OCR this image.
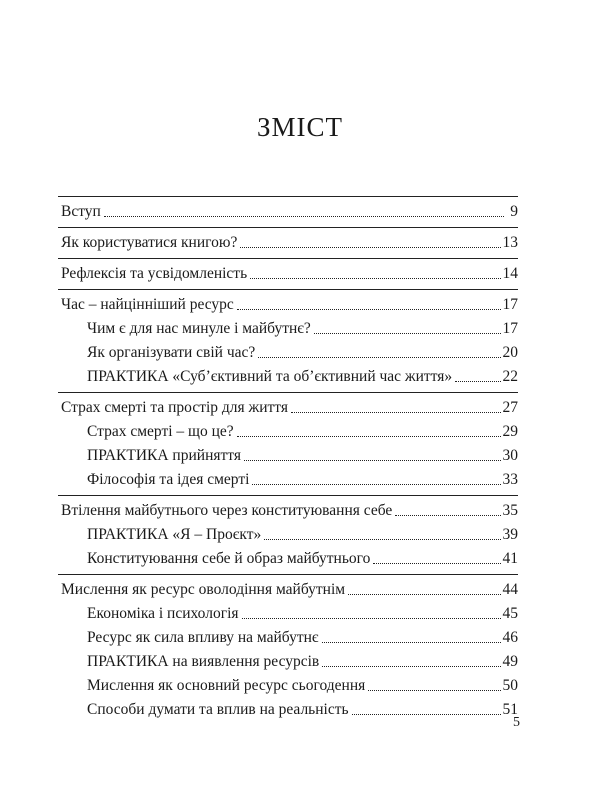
ЗМІСТ
Вступ	9
Як користуватися книгою?	13
Рефлексія та усвідомленість	14
Час – найцінніший ресурс	17
Чим є для нас минуле і майбутнє?	17
Як організувати свій час?	20
ПРАКТИКА «Суб’єктивний та об’єктивний час життя»	22
Страх смерті та простір для життя	27
Страх смерті – що це?	29
ПРАКТИКА прийняття	30
Філософія та ідея смерті	33
Втілення майбутнього через конституювання себе	35
ПРАКТИКА «Я – Проєкт»	39
Конституювання себе й образ майбутнього	41
Мислення як ресурс оволодіння майбутнім	44
Економіка і психологія	45
Ресурс як сила впливу на майбутнє	46
ПРАКТИКА на виявлення ресурсів	49
Мислення як основний ресурс сьогодення	50
Способи думати та вплив на реальність	51
5
